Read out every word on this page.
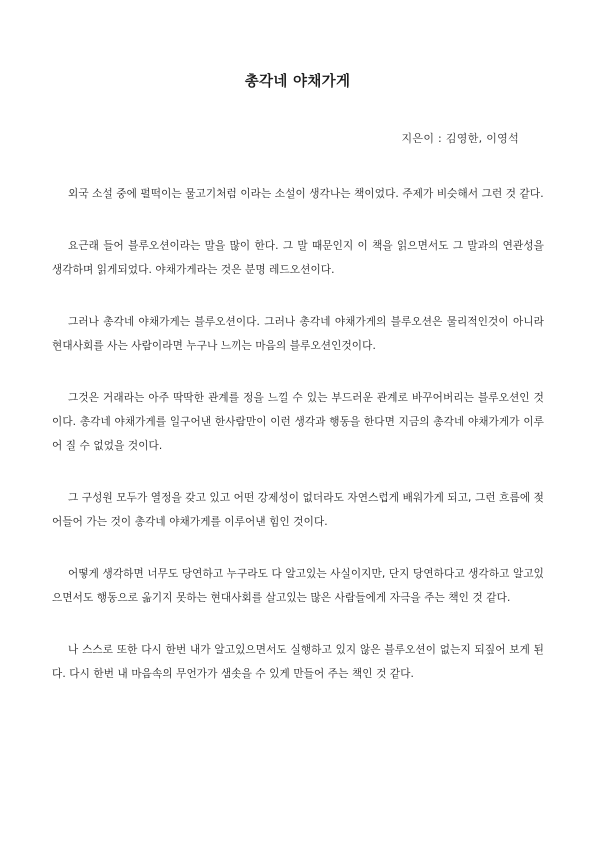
총각네 야채가게
지은이 : 김영한, 이영석

외국 소설 중에 펄떡이는 물고기처럼 이라는 소설이 생각나는 책이었다. 주제가 비슷해서 그런 것 같다.

요근래 들어 블루오션이라는 말을 많이 한다. 그 말 때문인지 이 책을 읽으면서도 그 말과의 연관성을 생각하며 읽게되었다. 야채가게라는 것은 분명 레드오션이다.

그러나 총각네 야채가게는 블루오션이다. 그러나 총각네 야채가게의 블루오션은 물리적인것이 아니라 현대사회를 사는 사람이라면 누구나 느끼는 마음의 블루오션인것이다.

그것은 거래라는 아주 딱딱한 관계를 정을 느낄 수 있는 부드러운 관계로 바꾸어버리는 블루오션인 것이다. 총각네 야채가게를 일구어낸 한사람만이 이런 생각과 행동을 한다면 지금의 총각네 야채가게가 이루어 질 수 없었을 것이다.

그 구성원 모두가 열정을 갖고 있고 어떤 강제성이 없더라도 자연스럽게 배워가게 되고, 그런 흐름에 젖어들어 가는 것이 총각네 야채가게를 이루어낸 힘인 것이다.

어떻게 생각하면 너무도 당연하고 누구라도 다 알고있는 사실이지만, 단지 당연하다고 생각하고 알고있으면서도 행동으로 옮기지 못하는 현대사회를 살고있는 많은 사람들에게 자극을 주는 책인 것 같다.

나 스스로 또한 다시 한번 내가 알고있으면서도 실행하고 있지 않은 블루오션이 없는지 되짚어 보게 된다. 다시 한번 내 마음속의 무언가가 샘솟을 수 있게 만들어 주는 책인 것 같다.
